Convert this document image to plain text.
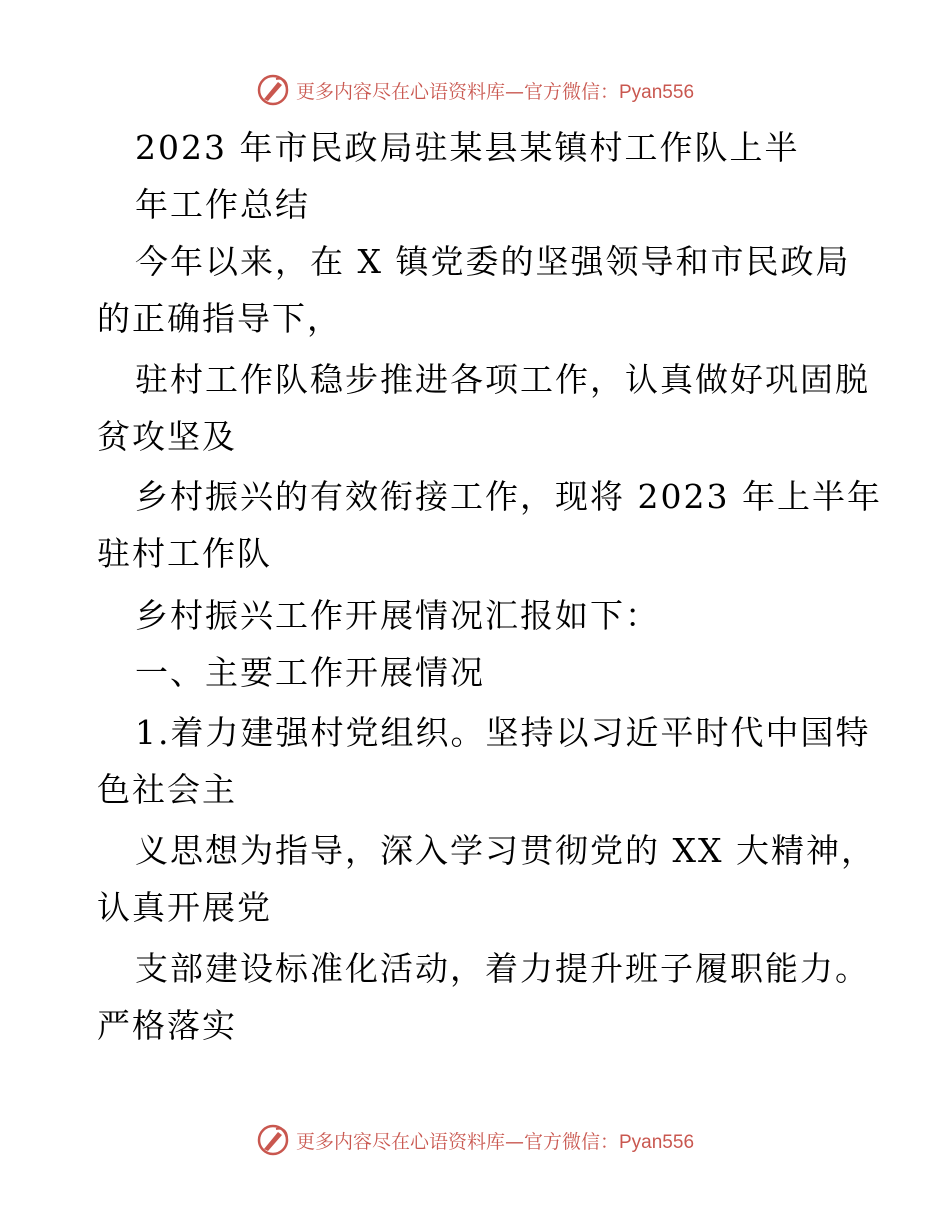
更多内容尽在心语资料库—官方微信：Pyan556
2023 年市民政局驻某县某镇村工作队上半
年工作总结
今年以来，在 X 镇党委的坚强领导和市民政局
的正确指导下，
驻村工作队稳步推进各项工作，认真做好巩固脱
贫攻坚及
乡村振兴的有效衔接工作，现将 2023 年上半年
驻村工作队
乡村振兴工作开展情况汇报如下：
一、主要工作开展情况
1.着力建强村党组织。坚持以习近平时代中国特
色社会主
义思想为指导，深入学习贯彻党的 XX 大精神，
认真开展党
支部建设标准化活动，着力提升班子履职能力。
严格落实
更多内容尽在心语资料库—官方微信：Pyan556
